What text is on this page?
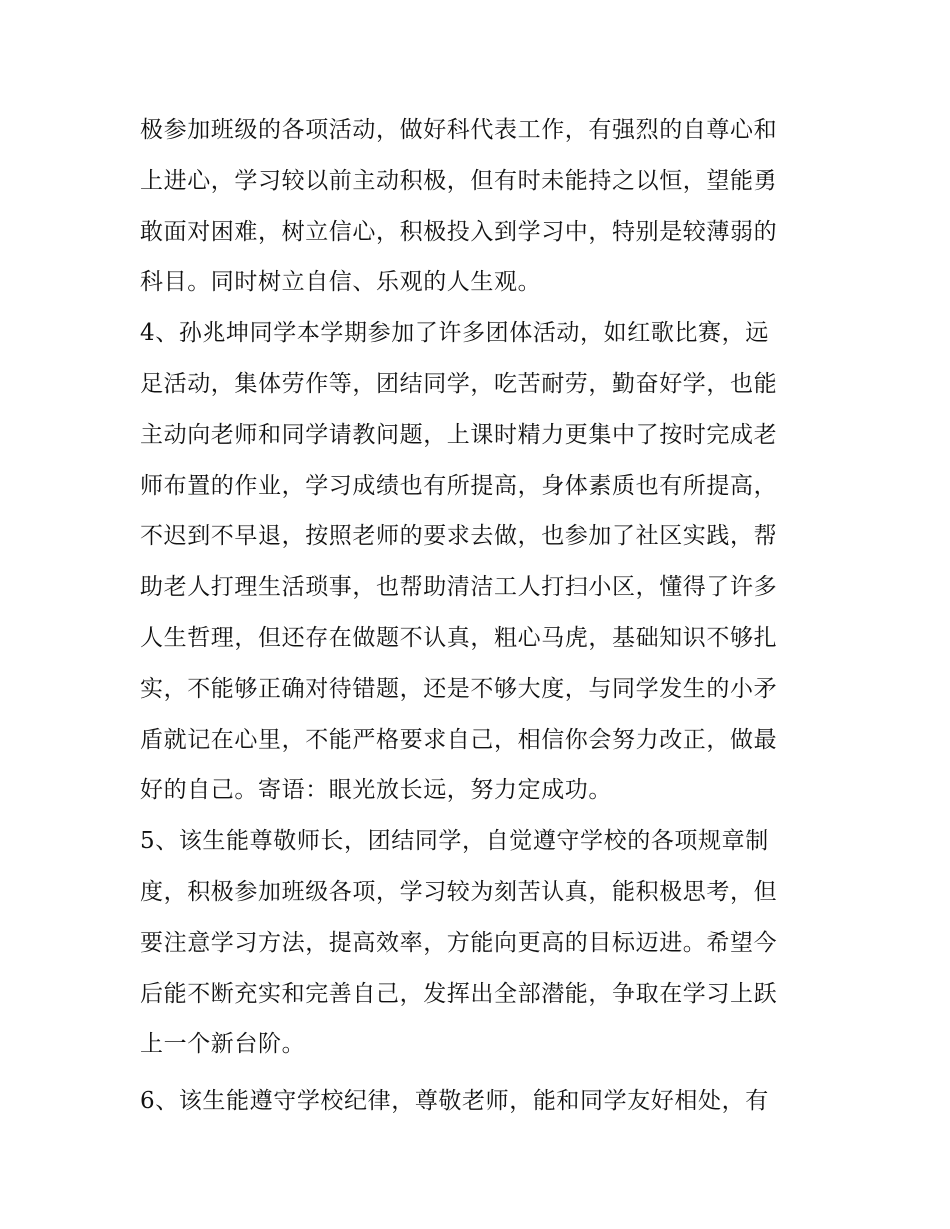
极参加班级的各项活动，做好科代表工作，有强烈的自尊心和
上进心，学习较以前主动积极，但有时未能持之以恒，望能勇
敢面对困难，树立信心，积极投入到学习中，特别是较薄弱的
科目。同时树立自信、乐观的人生观。
4、孙兆坤同学本学期参加了许多团体活动，如红歌比赛，远
足活动，集体劳作等，团结同学，吃苦耐劳，勤奋好学，也能
主动向老师和同学请教问题，上课时精力更集中了按时完成老
师布置的作业，学习成绩也有所提高，身体素质也有所提高，
不迟到不早退，按照老师的要求去做，也参加了社区实践，帮
助老人打理生活琐事，也帮助清洁工人打扫小区，懂得了许多
人生哲理，但还存在做题不认真，粗心马虎，基础知识不够扎
实，不能够正确对待错题，还是不够大度，与同学发生的小矛
盾就记在心里，不能严格要求自己，相信你会努力改正，做最
好的自己。寄语：眼光放长远，努力定成功。
5、该生能尊敬师长，团结同学，自觉遵守学校的各项规章制
度，积极参加班级各项，学习较为刻苦认真，能积极思考，但
要注意学习方法，提高效率，方能向更高的目标迈进。希望今
后能不断充实和完善自己，发挥出全部潜能，争取在学习上跃
上一个新台阶。
6、该生能遵守学校纪律，尊敬老师，能和同学友好相处，有
